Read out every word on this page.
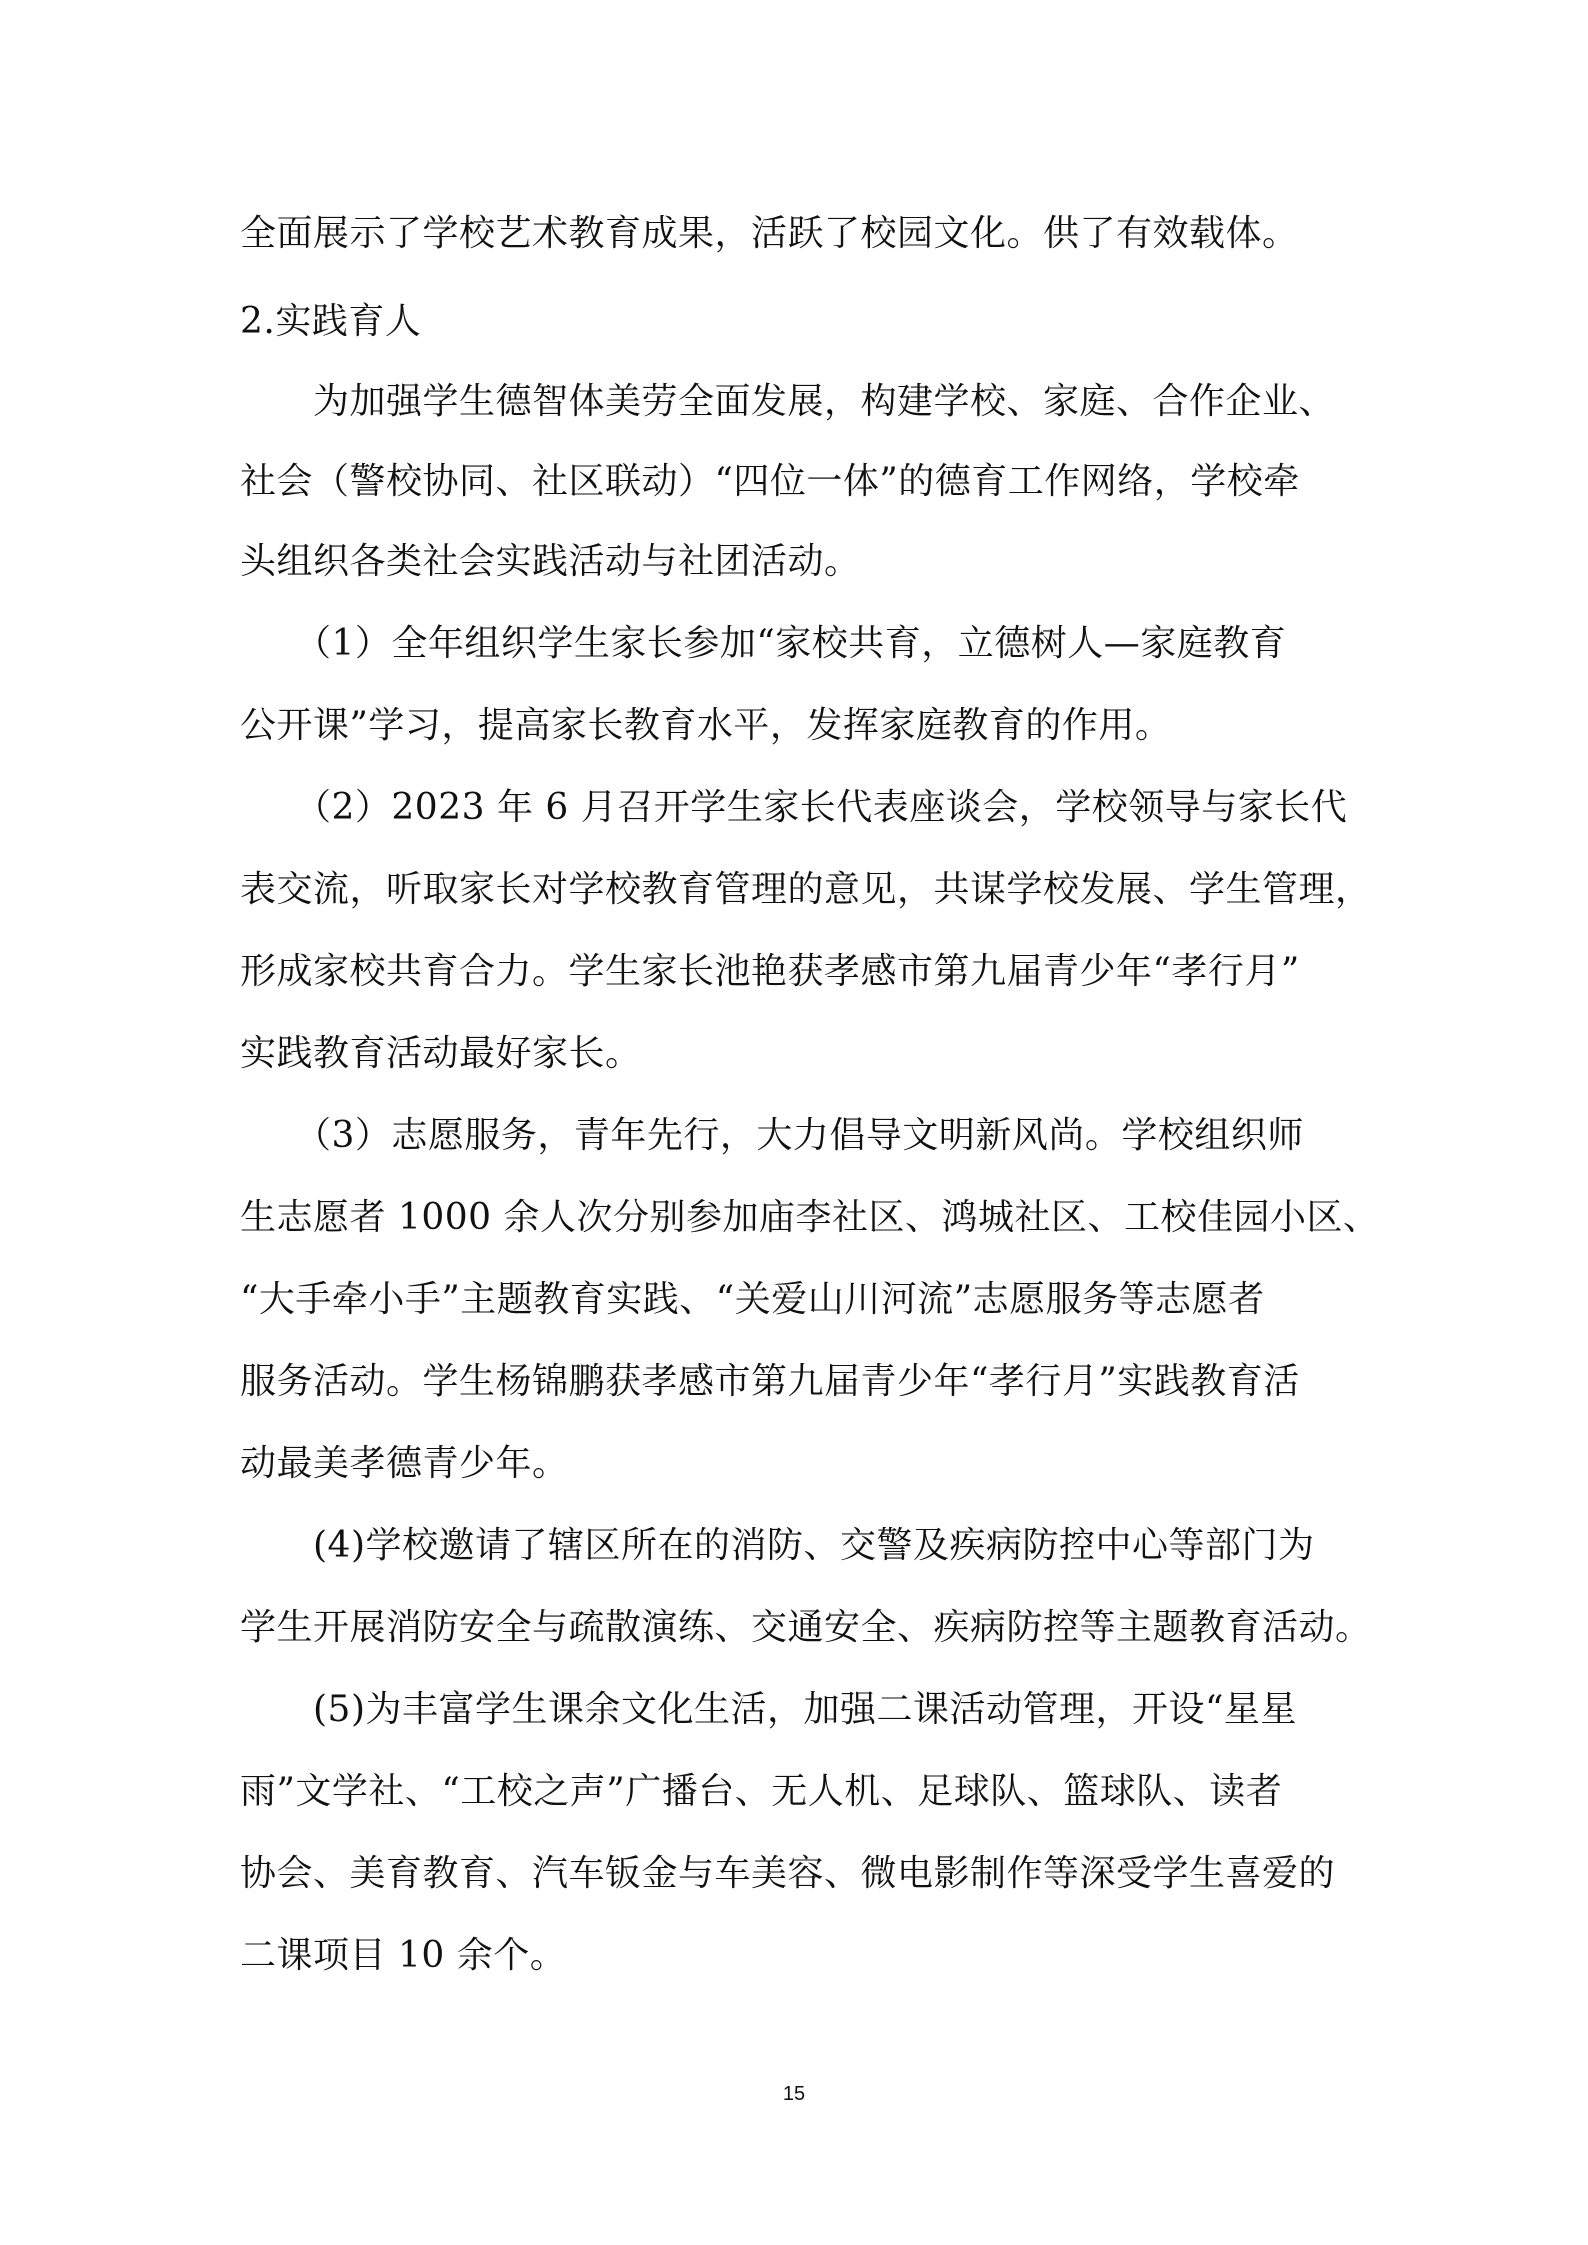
全面展示了学校艺术教育成果，活跃了校园文化。供了有效载体。
2.实践育人
　　为加强学生德智体美劳全面发展，构建学校、家庭、合作企业、
社会（警校协同、社区联动）“四位一体”的德育工作网络，学校牵
头组织各类社会实践活动与社团活动。
　　（1）全年组织学生家长参加“家校共育，立德树人—家庭教育
公开课”学习，提高家长教育水平，发挥家庭教育的作用。
　　（2）2023 年 6 月召开学生家长代表座谈会，学校领导与家长代
表交流，听取家长对学校教育管理的意见，共谋学校发展、学生管理，
形成家校共育合力。学生家长池艳获孝感市第九届青少年“孝行月”
实践教育活动最好家长。
　　（3）志愿服务，青年先行，大力倡导文明新风尚。学校组织师
生志愿者 1000 余人次分别参加庙李社区、鸿城社区、工校佳园小区、
“大手牵小手”主题教育实践、“关爱山川河流”志愿服务等志愿者
服务活动。学生杨锦鹏获孝感市第九届青少年“孝行月”实践教育活
动最美孝德青少年。
　　(4)学校邀请了辖区所在的消防、交警及疾病防控中心等部门为
学生开展消防安全与疏散演练、交通安全、疾病防控等主题教育活动。
　　(5)为丰富学生课余文化生活，加强二课活动管理，开设“星星
雨”文学社、“工校之声”广播台、无人机、足球队、篮球队、读者
协会、美育教育、汽车钣金与车美容、微电影制作等深受学生喜爱的
二课项目 10 余个。
15
